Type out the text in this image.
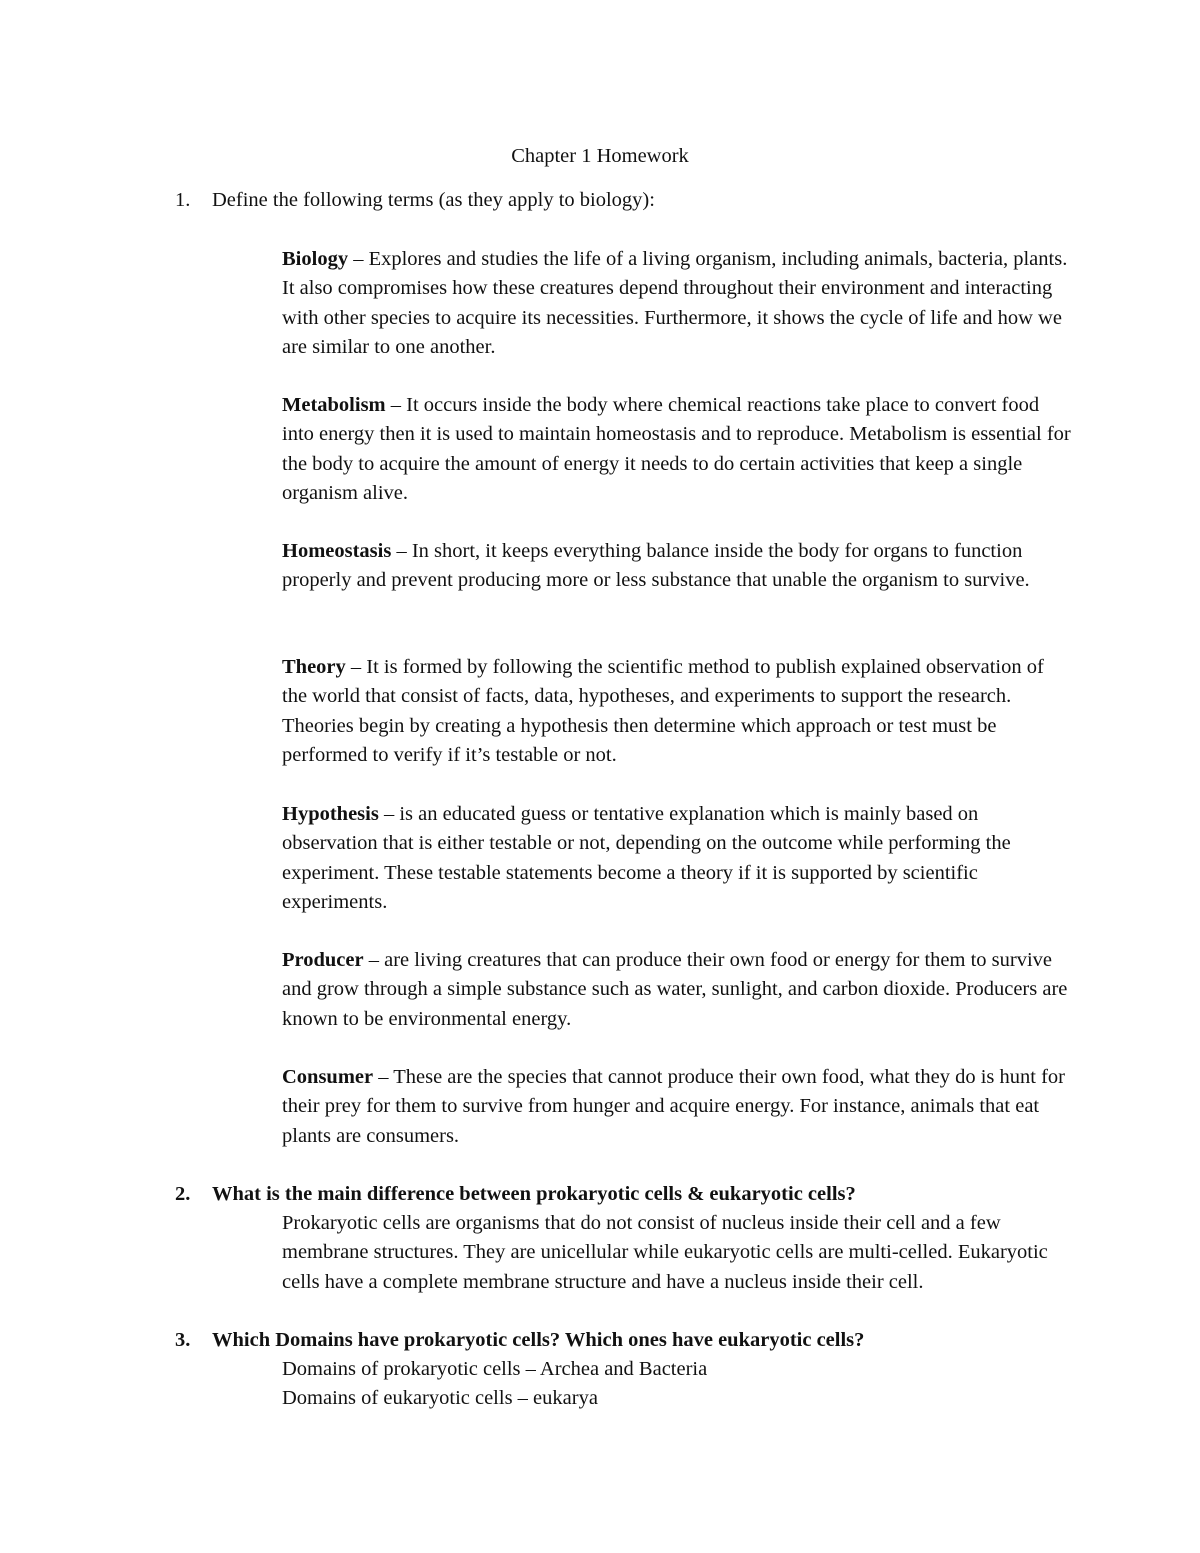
Chapter 1 Homework
1. Define the following terms (as they apply to biology):
Biology – Explores and studies the life of a living organism, including animals, bacteria, plants. It also compromises how these creatures depend throughout their environment and interacting with other species to acquire its necessities. Furthermore, it shows the cycle of life and how we are similar to one another.
Metabolism – It occurs inside the body where chemical reactions take place to convert food into energy then it is used to maintain homeostasis and to reproduce. Metabolism is essential for the body to acquire the amount of energy it needs to do certain activities that keep a single organism alive.
Homeostasis – In short, it keeps everything balance inside the body for organs to function properly and prevent producing more or less substance that unable the organism to survive.
Theory – It is formed by following the scientific method to publish explained observation of the world that consist of facts, data, hypotheses, and experiments to support the research. Theories begin by creating a hypothesis then determine which approach or test must be performed to verify if it’s testable or not.
Hypothesis – is an educated guess or tentative explanation which is mainly based on observation that is either testable or not, depending on the outcome while performing the experiment. These testable statements become a theory if it is supported by scientific experiments.
Producer – are living creatures that can produce their own food or energy for them to survive and grow through a simple substance such as water, sunlight, and carbon dioxide. Producers are known to be environmental energy.
Consumer – These are the species that cannot produce their own food, what they do is hunt for their prey for them to survive from hunger and acquire energy. For instance, animals that eat plants are consumers.
2. What is the main difference between prokaryotic cells & eukaryotic cells?
Prokaryotic cells are organisms that do not consist of nucleus inside their cell and a few membrane structures. They are unicellular while eukaryotic cells are multi-celled. Eukaryotic cells have a complete membrane structure and have a nucleus inside their cell.
3. Which Domains have prokaryotic cells? Which ones have eukaryotic cells?
Domains of prokaryotic cells – Archea and Bacteria
Domains of eukaryotic cells – eukarya
